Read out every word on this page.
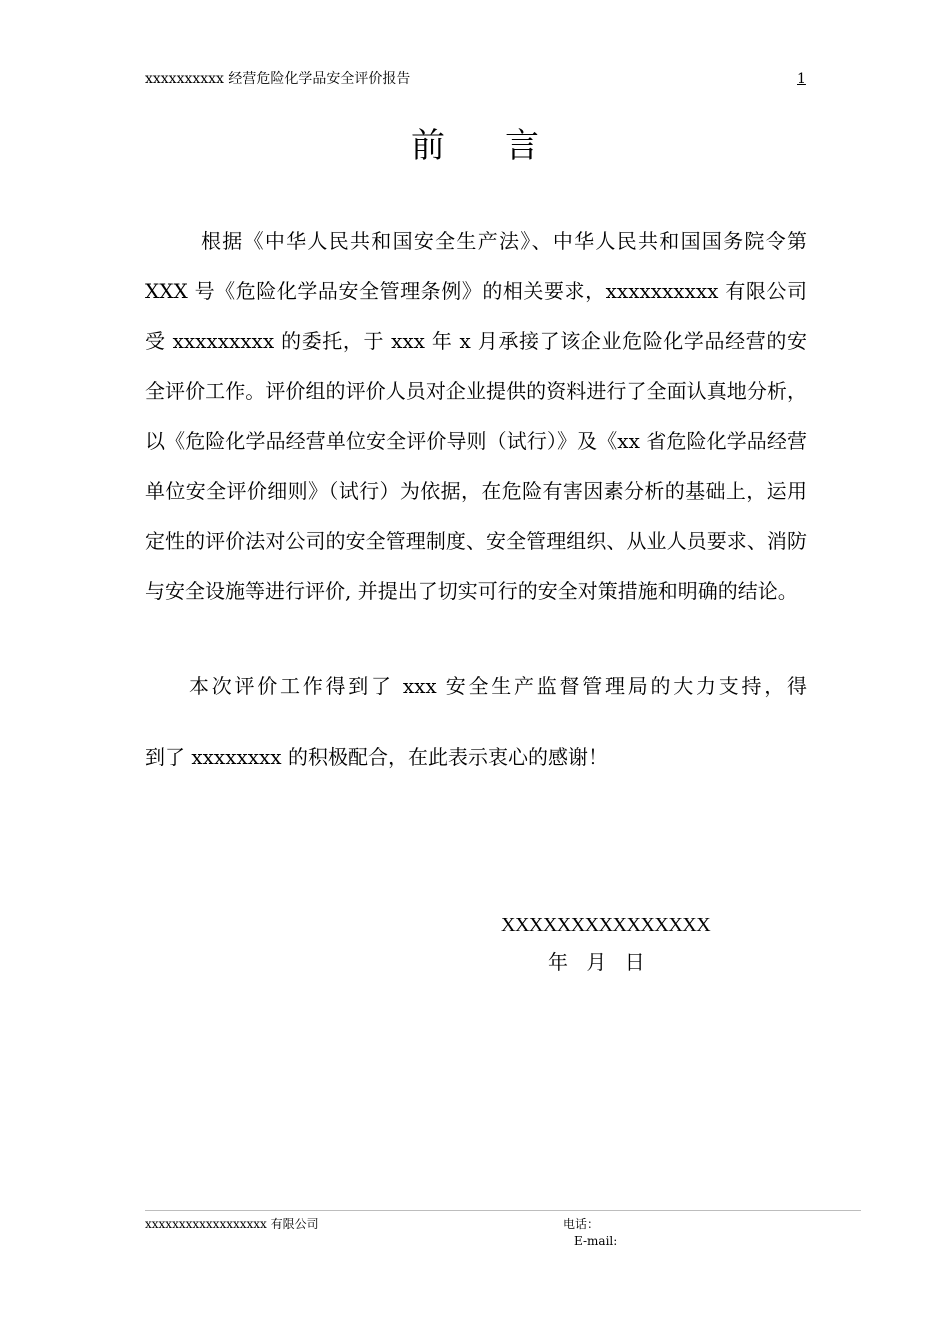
xxxxxxxxxx 经营危险化学品安全评价报告	1
前言

根据《中华人民共和国安全生产法》、中华人民共和国国务院令第 XXX 号《危险化学品安全管理条例》的相关要求，xxxxxxxxxx 有限公司受 xxxxxxxxx 的委托，于 xxx 年 x 月承接了该企业危险化学品经营的安全评价工作。评价组的评价人员对企业提供的资料进行了全面认真地分析，以《危险化学品经营单位安全评价导则（试行）》及《xx 省危险化学品经营单位安全评价细则》（试行）为依据，在危险有害因素分析的基础上，运用定性的评价法对公司的安全管理制度、安全管理组织、从业人员要求、消防与安全设施等进行评价, 并提出了切实可行的安全对策措施和明确的结论。

本次评价工作得到了 xxx 安全生产监督管理局的大力支持，得

到了 xxxxxxxx 的积极配合，在此表示衷心的感谢！

XXXXXXXXXXXXXXX
年 月 日
xxxxxxxxxxxxxxxxxx 有限公司	电话：
E-mail:
